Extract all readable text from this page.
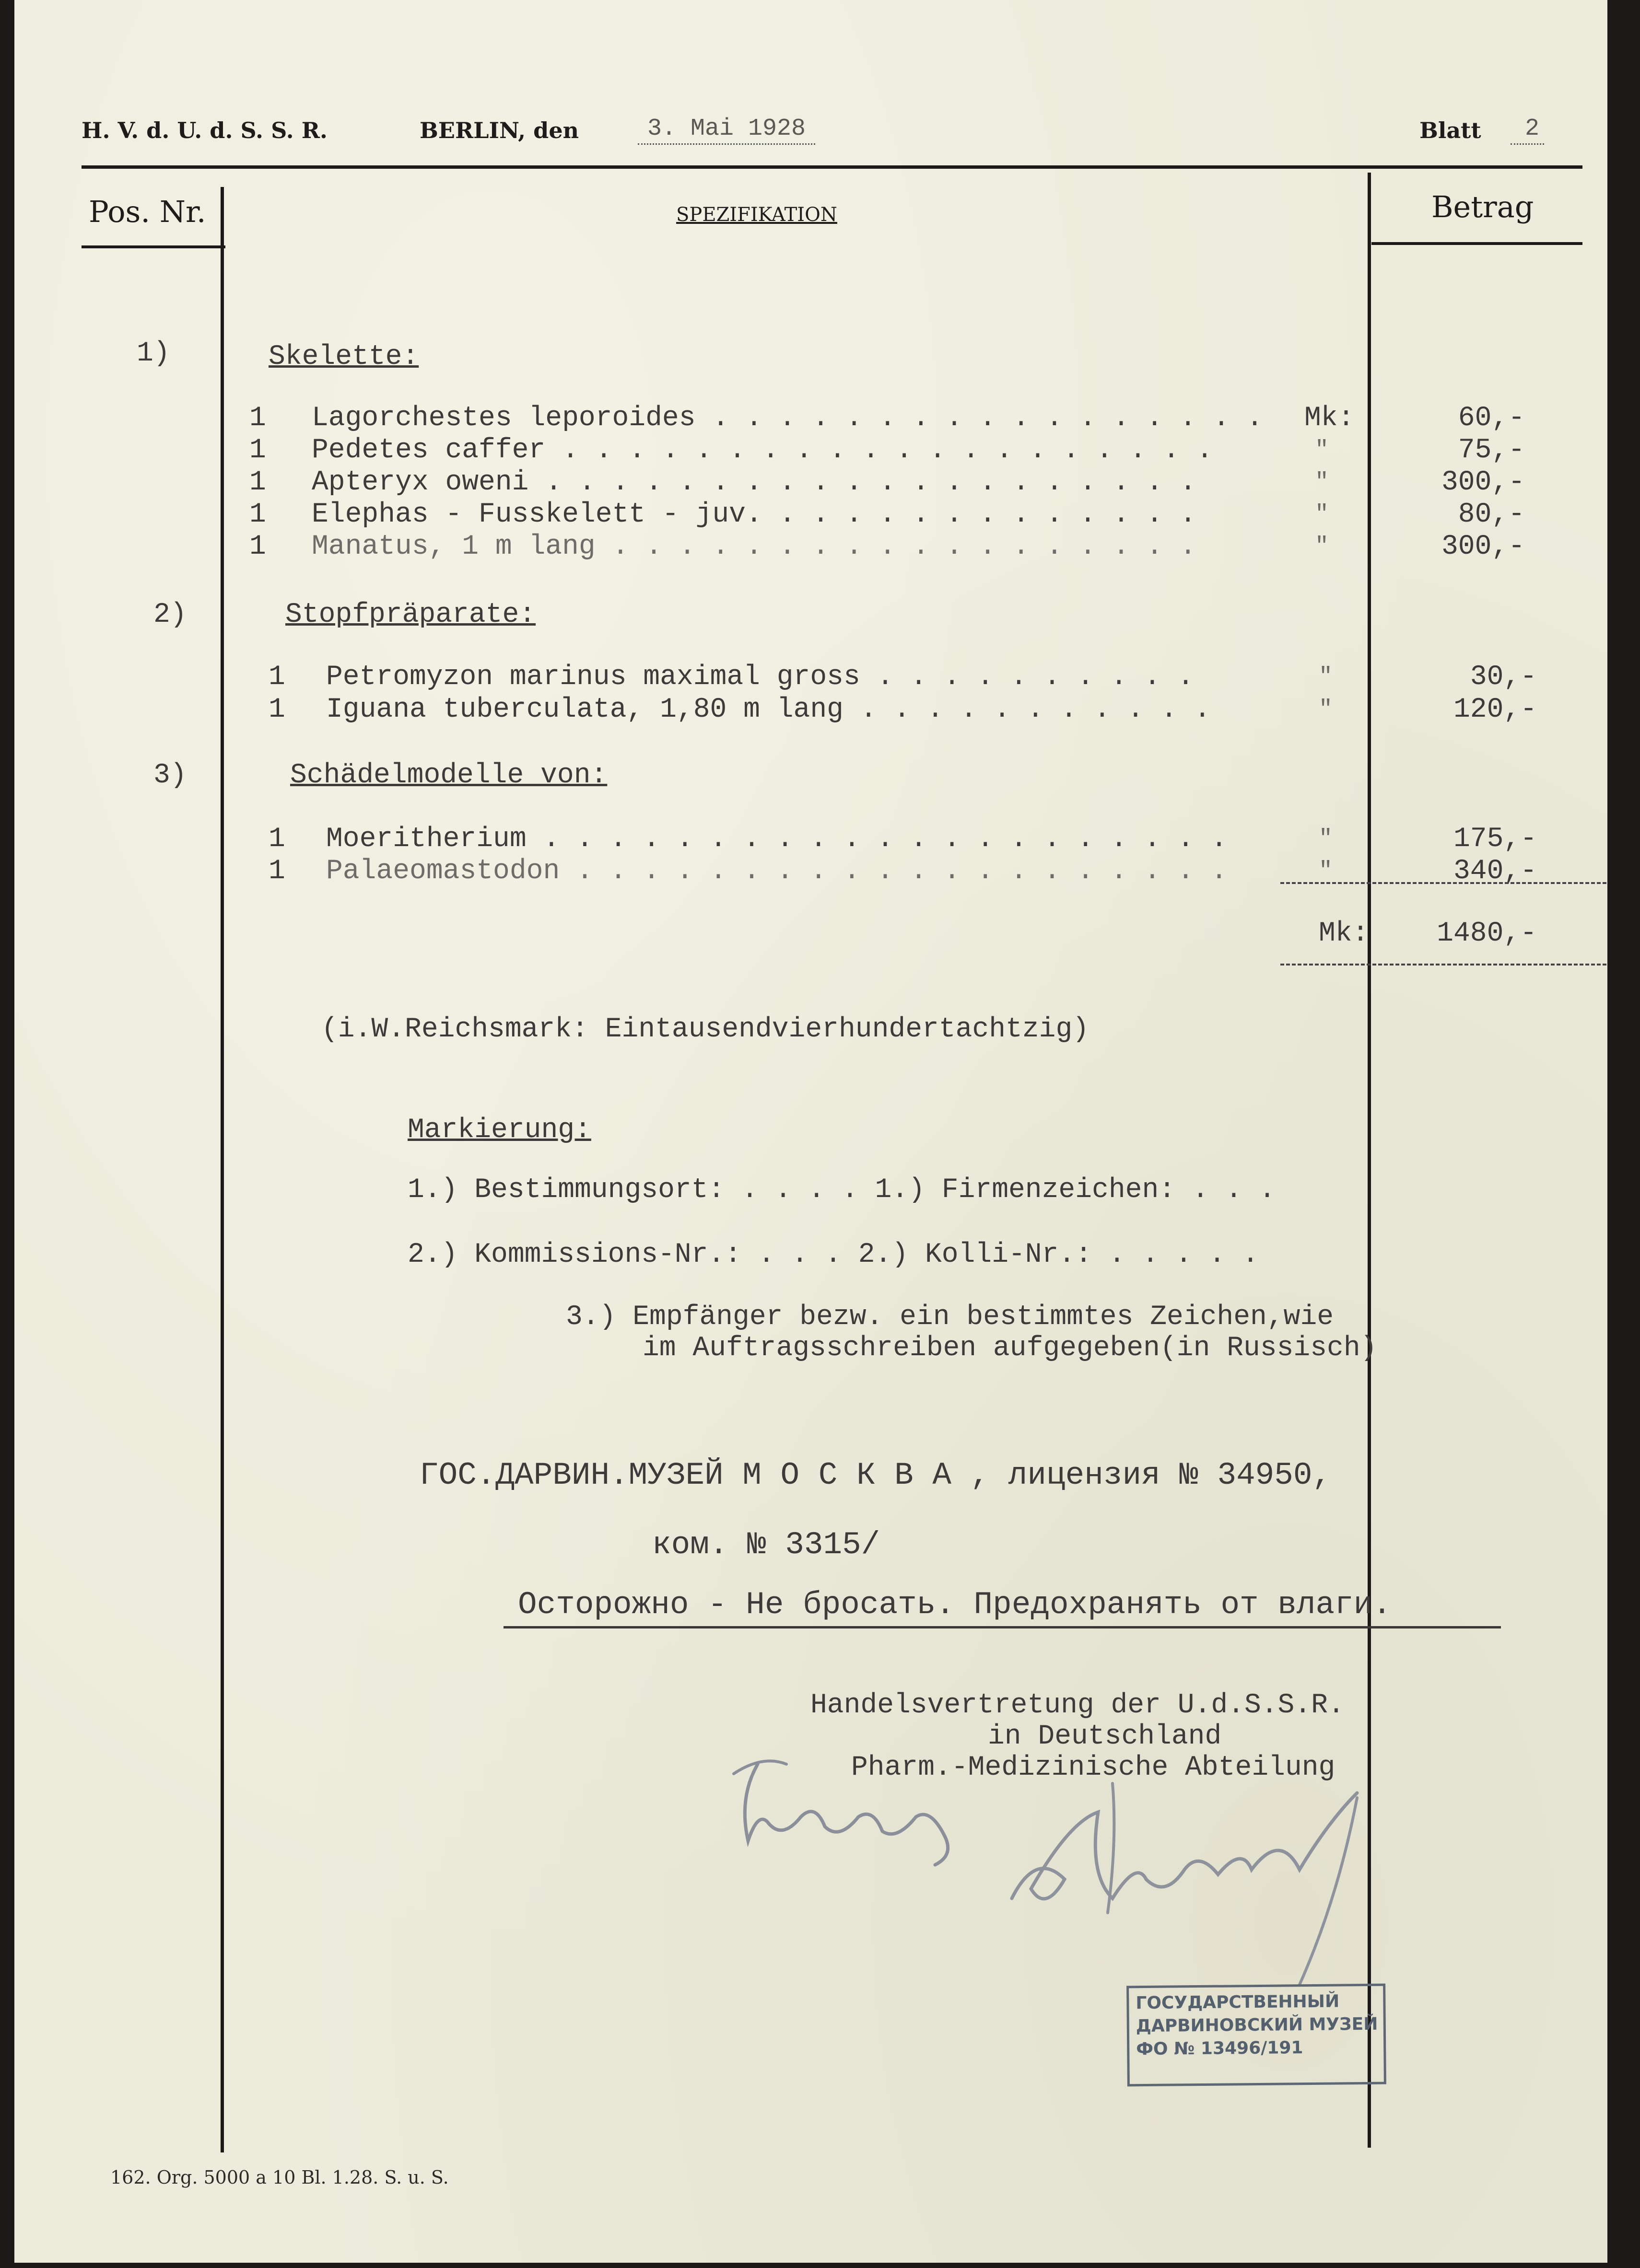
H. V. d. U. d. S. S. R.	BERLIN, den	3. Mai 1928	Blatt	2
Pos. Nr.	SPEZIFIKATION	Betrag
1)	Skelette:
1 Lagorchestes leporoides . . . . . . . . . . . . . . . . . Mk:	60,-
1 Pedetes caffer . . . . . . . . . . . . . . . . . . . .	"	75,-
1 Apteryx oweni . . . . . . . . . . . . . . . . . . . .	"	300,-
1 Elephas - Fusskelett - juv. . . . . . . . . . . . . .	"	80,-
1 Manatus, 1 m lang . . . . . . . . . . . . . . . . . .	"	300,-
2)	Stopfpräparate:
1 Petromyzon marinus maximal gross . . . . . . . . . .	"	30,-
1 Iguana tuberculata, 1,80 m lang . . . . . . . . . . .	"	120,-
3)	Schädelmodelle von:
1 Moeritherium . . . . . . . . . . . . . . . . . . . . .	"	175,-
1 Palaeomastodon . . . . . . . . . . . . . . . . . . . .	"	340,-
Mk:	1480,-
(i.W.Reichsmark: Eintausendvierhundertachtzig)
Markierung:
1.) Bestimmungsort: . . . . 1.) Firmenzeichen: . . .
2.) Kommissions-Nr.: . . . 2.) Kolli-Nr.: . . . . .
3.) Empfänger bezw. ein bestimmtes Zeichen,wie
im Auftragsschreiben aufgegeben(in Russisch)
ГОС.ДАРВИН.МУЗЕЙ М О С К В А , лицензия № 34950,
ком. № 3315/
Осторожно - Не бросать. Предохранять от влаги.
Handelsvertretung der U.d.S.S.R.
in Deutschland
Pharm.-Medizinische Abteilung
ГОСУДАРСТВЕННЫЙ
ДАРВИНОВСКИЙ МУЗЕЙ
ФО № 13496/191
162. Org. 5000 a 10 Bl. 1.28. S. u. S.
